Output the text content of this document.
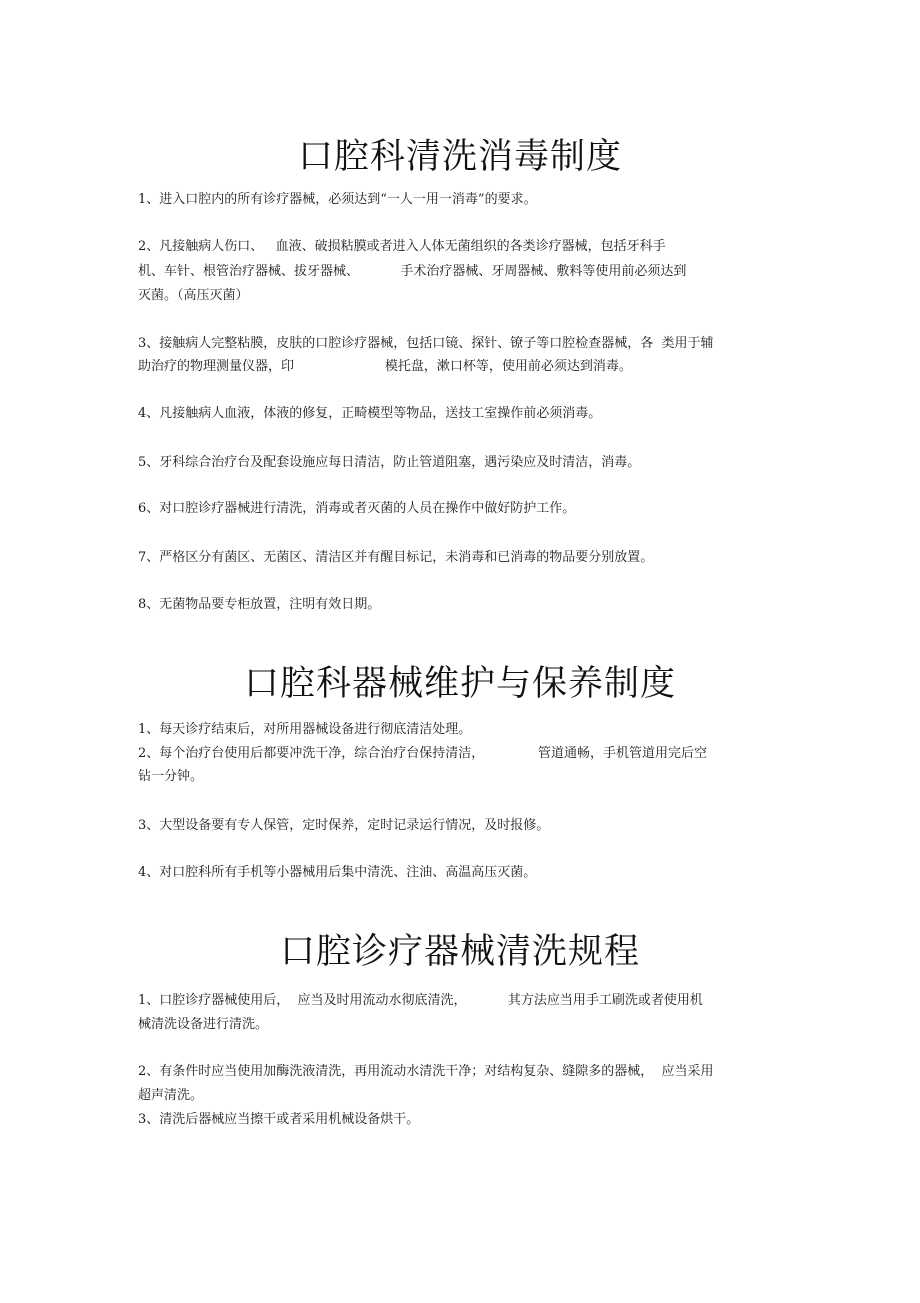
口腔科清洗消毒制度
1、进入口腔内的所有诊疗器械，必须达到“一人一用一消毒”的要求。
2、凡接触病人伤口、   血液、破损粘膜或者进入人体无菌组织的各类诊疗器械，包括牙科手
机、车针、根管治疗器械、拔牙器械、          手术治疗器械、牙周器械、敷料等使用前必须达到
灭菌。（高压灭菌）
3、接触病人完整粘膜，皮肤的口腔诊疗器械，包括口镜、探针、镣子等口腔检查器械，各  类用于辅
助治疗的物理测量仪器，印                      模托盘，漱口杯等，使用前必须达到消毒。
4、凡接触病人血液，体液的修复，正畸模型等物品，送技工室操作前必须消毒。
5、牙科综合治疗台及配套设施应每日清洁，防止管道阻塞，遇污染应及时清洁，消毒。
6、对口腔诊疗器械进行清洗，消毒或者灭菌的人员在操作中做好防护工作。
7、严格区分有菌区、无菌区、清洁区并有醒目标记，未消毒和已消毒的物品要分别放置。
8、无菌物品要专柜放置，注明有效日期。
口腔科器械维护与保养制度
1、每天诊疗结束后，对所用器械设备进行彻底清洁处理。
2、每个治疗台使用后都要冲洗干净，综合治疗台保持清洁，             管道通畅，手机管道用完后空
钻一分钟。
3、大型设备要有专人保管，定时保养，定时记录运行情况，及时报修。
4、对口腔科所有手机等小器械用后集中清洗、注油、高温高压灭菌。
口腔诊疗器械清洗规程
1、口腔诊疗器械使用后，  应当及时用流动水彻底清洗，          其方法应当用手工刷洗或者使用机
械清洗设备进行清洗。
2、有条件时应当使用加酶洗液清洗，再用流动水清洗干净；对结构复杂、缝隙多的器械，  应当采用
超声清洗。
3、清洗后器械应当擦干或者采用机械设备烘干。
